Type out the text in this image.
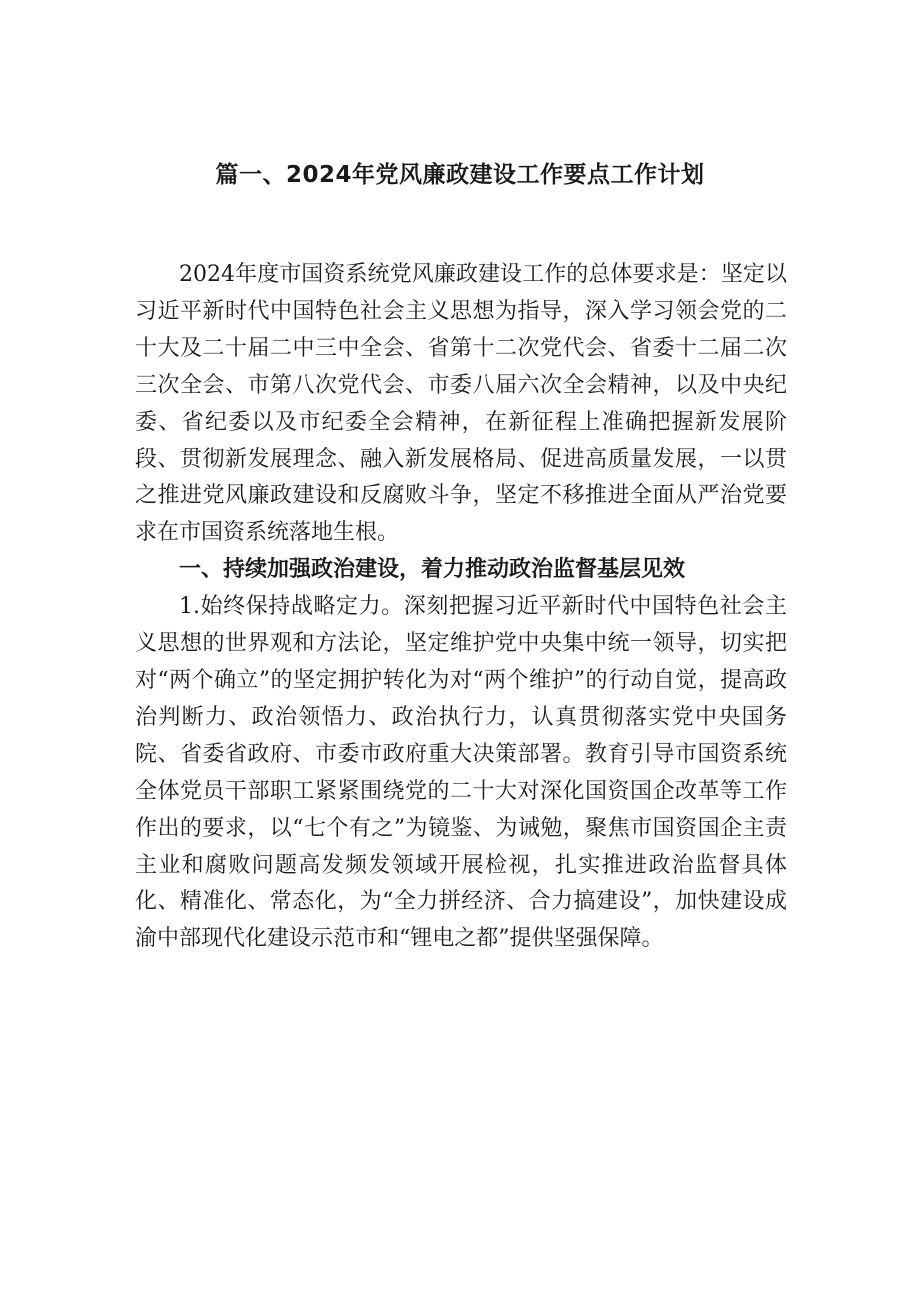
篇一、2024年党风廉政建设工作要点工作计划

2024年度市国资系统党风廉政建设工作的总体要求是：坚定以习近平新时代中国特色社会主义思想为指导，深入学习领会党的二十大及二十届二中三中全会、省第十二次党代会、省委十二届二次三次全会、市第八次党代会、市委八届六次全会精神，以及中央纪委、省纪委以及市纪委全会精神，在新征程上准确把握新发展阶段、贯彻新发展理念、融入新发展格局、促进高质量发展，一以贯之推进党风廉政建设和反腐败斗争，坚定不移推进全面从严治党要求在市国资系统落地生根。

一、持续加强政治建设，着力推动政治监督基层见效

1.始终保持战略定力。深刻把握习近平新时代中国特色社会主义思想的世界观和方法论，坚定维护党中央集中统一领导，切实把对“两个确立”的坚定拥护转化为对“两个维护”的行动自觉，提高政治判断力、政治领悟力、政治执行力，认真贯彻落实党中央国务院、省委省政府、市委市政府重大决策部署。教育引导市国资系统全体党员干部职工紧紧围绕党的二十大对深化国资国企改革等工作作出的要求，以“七个有之”为镜鉴、为诫勉，聚焦市国资国企主责主业和腐败问题高发频发领域开展检视，扎实推进政治监督具体化、精准化、常态化，为“全力拼经济、合力搞建设”，加快建设成渝中部现代化建设示范市和“锂电之都”提供坚强保障。
